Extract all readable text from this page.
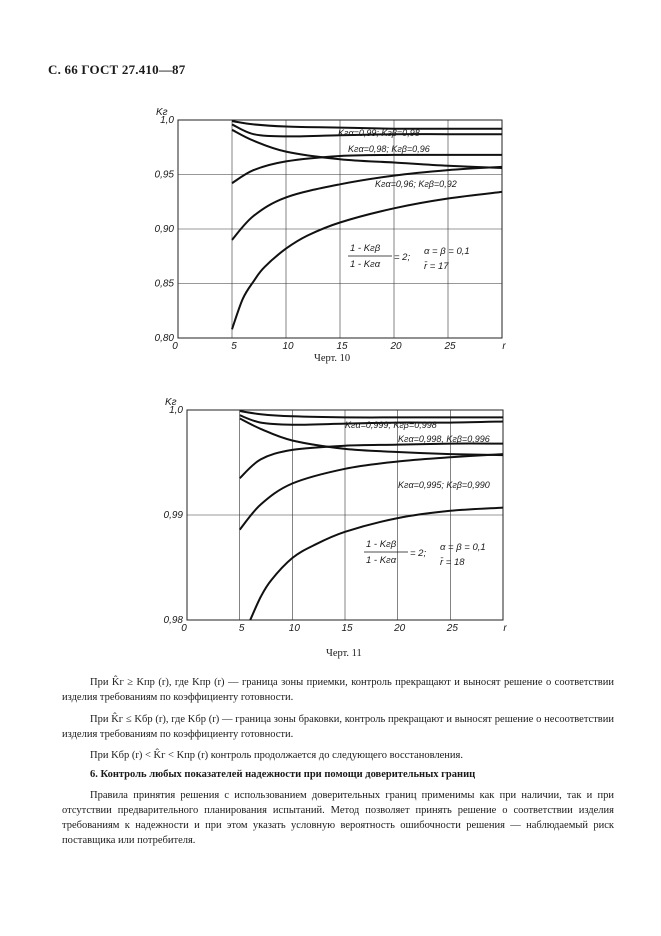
С. 66 ГОСТ 27.410—87
0	5	10	15	20	25	r
1,0
0,95
0,90
0,85
0,80
Kг
Kгα=0,99; Kгβ=0,98
Kгα=0,98; Kгβ=0,96
Kгα=0,96; Kгβ=0,92
1 - Kгβ
1 - Kгα
= 2;
α = β = 0,1
r̄ = 17
0	5	10	15	20	25	r
1,0
0,99
0,98
Kг
Kгα=0,999; Kгβ=0,998
Kгα=0,998, Kгβ=0,996
Kгα=0,995; Kгβ=0,990
1 - Kгβ
1 - Kгα
= 2;
α = β = 0,1
r̄ = 18
Черт. 10
Черт. 11
При K̂г ≥ Kпр (r), где Kпр (r) — граница зоны приемки, контроль прекращают и выносят решение о соответствии изделия требованиям по коэффициенту готовности.
При K̂г ≤ Kбр (r), где Kбр (r) — граница зоны браковки, контроль прекращают и выносят решение о несоответствии изделия требованиям по коэффициенту готовности.
При Kбр (r) < K̂г < Kпр (r) контроль продолжается до следующего восстановления.
6. Контроль любых показателей надежности при помощи доверительных границ
Правила принятия решения с использованием доверительных границ применимы как при наличии, так и при отсутствии предварительного планирования испытаний. Метод позволяет принять решение о соответствии изделия требованиям к надежности и при этом указать условную вероятность ошибочности решения — наблюдаемый риск поставщика или потребителя.
